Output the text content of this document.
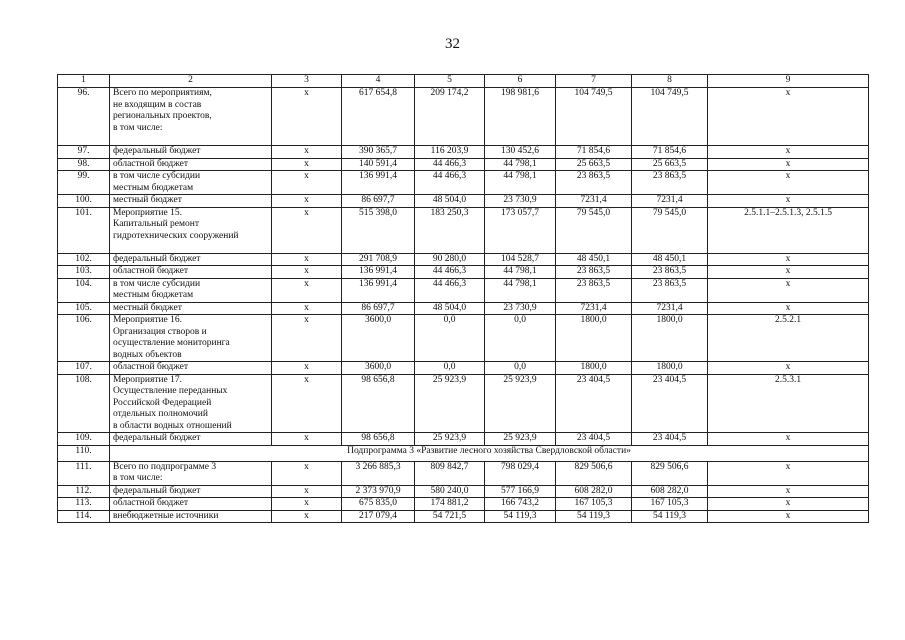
32
1	2	3	4	5	6	7	8	9
96.	Всего по мероприятиям,
не входящим в состав
региональных проектов,
в том числе:	х	617 654,8	209 174,2	198 981,6	104 749,5	104 749,5	х
97.	федеральный бюджет	х	390 365,7	116 203,9	130 452,6	71 854,6	71 854,6	х
98.	областной бюджет	х	140 591,4	44 466,3	44 798,1	25 663,5	25 663,5	х
99.	в том числе субсидии
местным бюджетам	х	136 991,4	44 466,3	44 798,1	23 863,5	23 863,5	х
100.	местный бюджет	х	86 697,7	48 504,0	23 730,9	7231,4	7231,4	х
101.	Мероприятие 15.
Капитальный ремонт
гидротехнических сооружений	х	515 398,0	183 250,3	173 057,7	79 545,0	79 545,0	2.5.1.1–2.5.1.3, 2.5.1.5
102.	федеральный бюджет	х	291 708,9	90 280,0	104 528,7	48 450,1	48 450,1	х
103.	областной бюджет	х	136 991,4	44 466,3	44 798,1	23 863,5	23 863,5	х
104.	в том числе субсидии
местным бюджетам	х	136 991,4	44 466,3	44 798,1	23 863,5	23 863,5	х
105.	местный бюджет	х	86 697,7	48 504,0	23 730,9	7231,4	7231,4	х
106.	Мероприятие 16.
Организация створов и
осуществление мониторинга
водных объектов	х	3600,0	0,0	0,0	1800,0	1800,0	2.5.2.1
107.	областной бюджет	х	3600,0	0,0	0,0	1800,0	1800,0	х
108.	Мероприятие 17.
Осуществление переданных
Российской Федерацией
отдельных полномочий
в области водных отношений	х	98 656,8	25 923,9	25 923,9	23 404,5	23 404,5	2.5.3.1
109.	федеральный бюджет	х	98 656,8	25 923,9	25 923,9	23 404,5	23 404,5	х
110.	Подпрограмма 3 «Развитие лесного хозяйства Свердловской области»							
111.	Всего по подпрограмме 3
в том числе:	х	3 266 885,3	809 842,7	798 029,4	829 506,6	829 506,6	х
112.	федеральный бюджет	х	2 373 970,9	580 240,0	577 166,9	608 282,0	608 282,0	х
113.	областной бюджет	х	675 835,0	174 881,2	166 743,2	167 105,3	167 105,3	х
114.	внебюджетные источники	х	217 079,4	54 721,5	54 119,3	54 119,3	54 119,3	х
